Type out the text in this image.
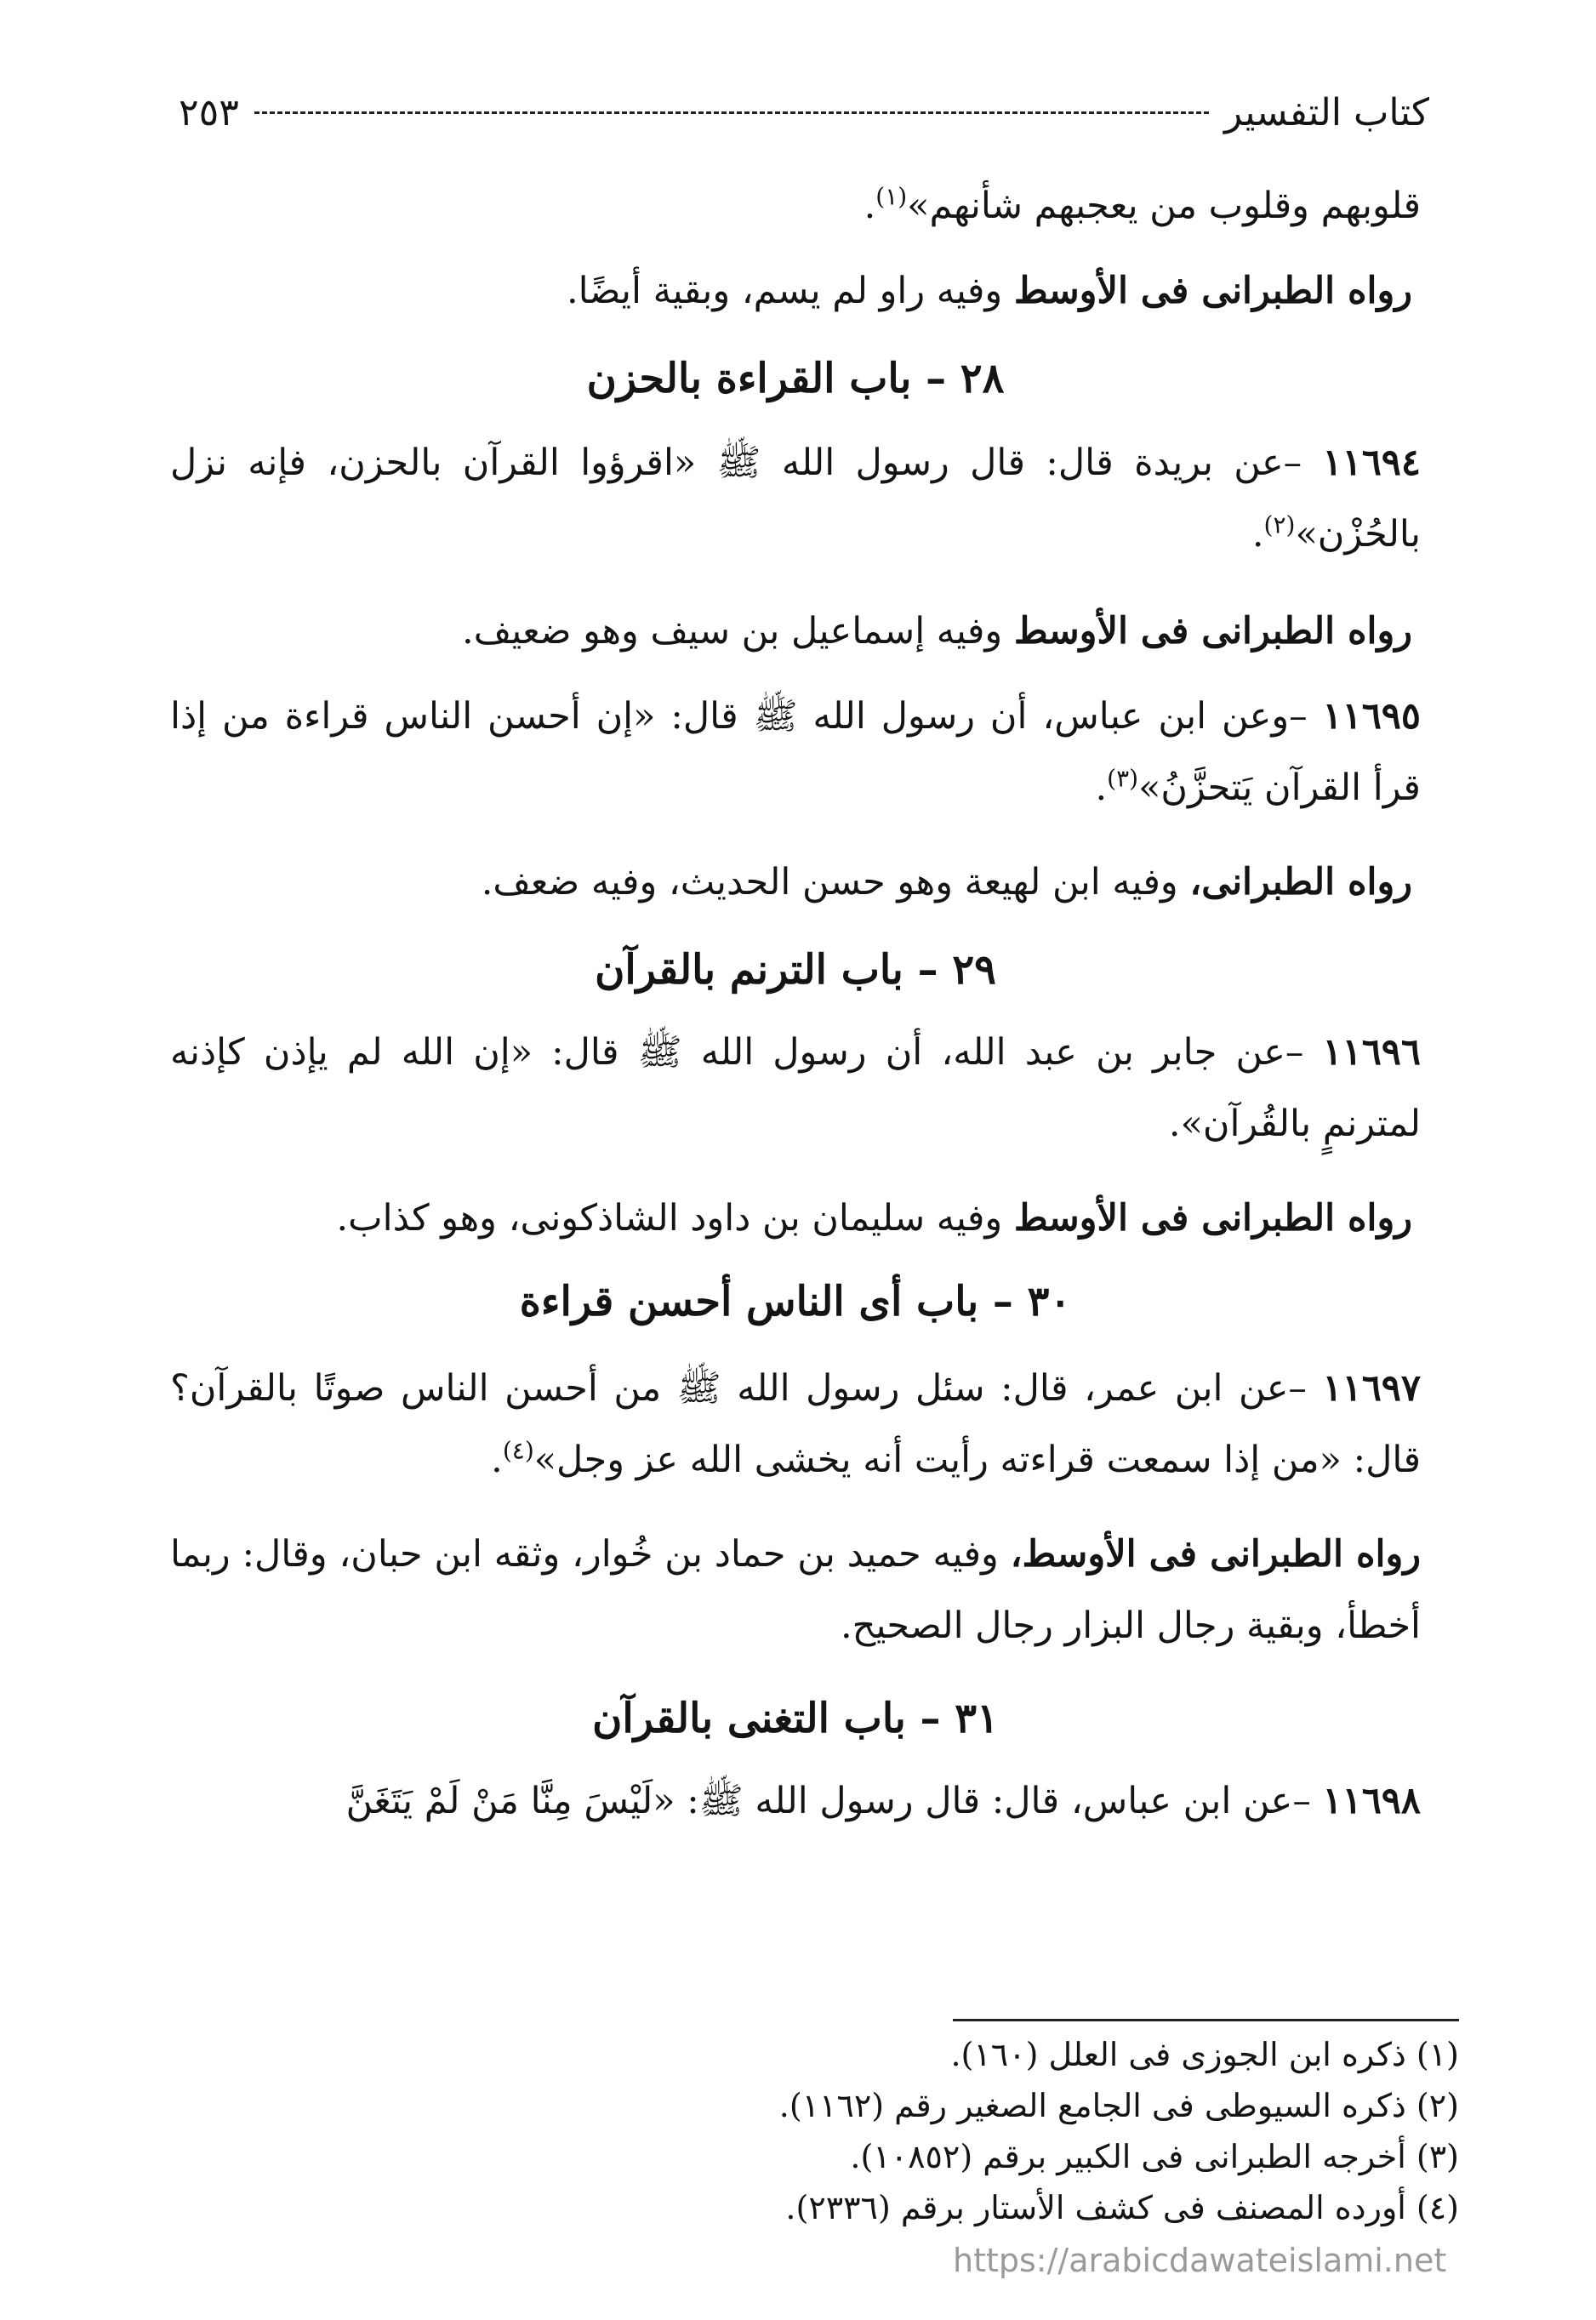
كتاب التفسير
٢٥٣

قلوبهم وقلوب من يعجبهم شأنهم»$^{(١)}$.

رواه الطبرانى فى الأوسط وفيه راو لم يسم، وبقية أيضًا.

٢٨ – باب القراءة بالحزن

١١٦٩٤ –عن بريدة قال: قال رسول الله ﷺ «اقرؤوا القرآن بالحزن، فإنه نزل بالحُزْن»$^{(٢)}$.

رواه الطبرانى فى الأوسط وفيه إسماعيل بن سيف وهو ضعيف.

١١٦٩٥ –وعن ابن عباس، أن رسول الله ﷺ قال: «إن أحسن الناس قراءة من إذا قرأ القرآن يَتحزَّنُ»$^{(٣)}$.

رواه الطبرانى، وفيه ابن لهيعة وهو حسن الحديث، وفيه ضعف.

٢٩ – باب الترنم بالقرآن

١١٦٩٦ –عن جابر بن عبد الله، أن رسول الله ﷺ قال: «إن الله لم يإذن كإذنه لمترنمٍ بالقُرآن».

رواه الطبرانى فى الأوسط وفيه سليمان بن داود الشاذكونى، وهو كذاب.

٣٠ – باب أى الناس أحسن قراءة

١١٦٩٧ –عن ابن عمر، قال: سئل رسول الله ﷺ من أحسن الناس صوتًا بالقرآن؟ قال: «من إذا سمعت قراءته رأيت أنه يخشى الله عز وجل»$^{(٤)}$.

رواه الطبرانى فى الأوسط، وفيه حميد بن حماد بن خُوار، وثقه ابن حبان، وقال: ربما أخطأ، وبقية رجال البزار رجال الصحيح.

٣١ – باب التغنى بالقرآن

١١٦٩٨ –عن ابن عباس، قال: قال رسول الله ﷺ: «لَيْسَ مِنَّا مَنْ لَمْ يَتَغَنَّ

(١) ذكره ابن الجوزى فى العلل (١٦٠).

(٢) ذكره السيوطى فى الجامع الصغير رقم (١١٦٢).

(٣) أخرجه الطبرانى فى الكبير برقم (١٠٨٥٢).

(٤) أورده المصنف فى كشف الأستار برقم (٢٣٣٦).

https://arabicdawateislami.net
